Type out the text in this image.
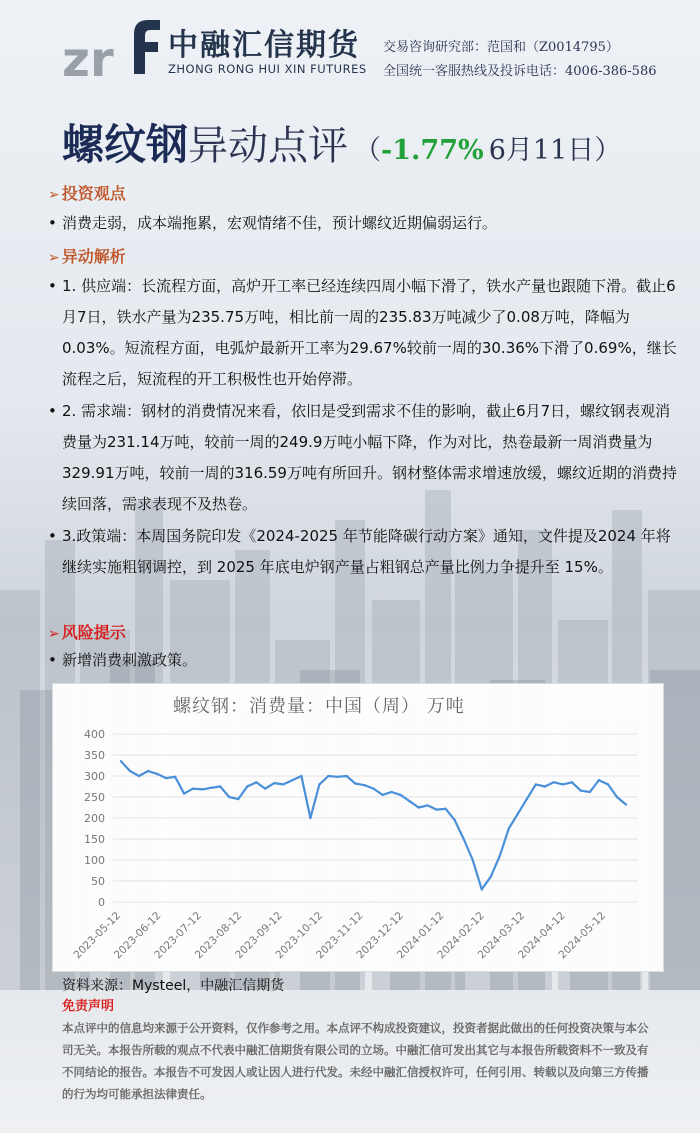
zr 中融汇信期货
ZHONG RONG HUI XIN FUTURES
交易咨询研究部：范国和（Z0014795）
全国统一客服热线及投诉电话：4006-386-586
螺纹钢异动点评 （-1.77% 6月11日）
➢ 投资观点
• 消费走弱，成本端拖累，宏观情绪不佳，预计螺纹近期偏弱运行。
➢ 异动解析
• 1. 供应端：长流程方面，高炉开工率已经连续四周小幅下滑了，铁水产量也跟随下滑。截止6月7日，铁水产量为235.75万吨，相比前一周的235.83万吨减少了0.08万吨，降幅为0.03%。短流程方面，电弧炉最新开工率为29.67%较前一周的30.36%下滑了0.69%，继长流程之后，短流程的开工积极性也开始停滞。
• 2. 需求端：钢材的消费情况来看，依旧是受到需求不佳的影响，截止6月7日，螺纹钢表观消费量为231.14万吨，较前一周的249.9万吨小幅下降，作为对比，热卷最新一周消费量为329.91万吨，较前一周的316.59万吨有所回升。钢材整体需求增速放缓，螺纹近期的消费持续回落，需求表现不及热卷。
• 3.政策端：本周国务院印发《2024-2025 年节能降碳行动方案》通知，文件提及2024 年将继续实施粗钢调控，到 2025 年底电炉钢产量占粗钢总产量比例力争提升至 15%。
➢ 风险提示
• 新增消费刺激政策。
螺纹钢：消费量：中国（周） 万吨
0
50
100
150
200
250
300
350
400
2023-05-12
2023-06-12
2023-07-12
2023-08-12
2023-09-12
2023-10-12
2023-11-12
2023-12-12
2024-01-12
2024-02-12
2024-03-12
2024-04-12
2024-05-12
资料来源：Mysteel，中融汇信期货
免责声明
本点评中的信息均来源于公开资料，仅作参考之用。本点评不构成投资建议，投资者据此做出的任何投资决策与本公司无关。本报告所载的观点不代表中融汇信期货有限公司的立场。中融汇信可发出其它与本报告所载资料不一致及有不同结论的报告。本报告不可发因人或让因人进行代发。未经中融汇信授权许可，任何引用、转载以及向第三方传播的行为均可能承担法律责任。
